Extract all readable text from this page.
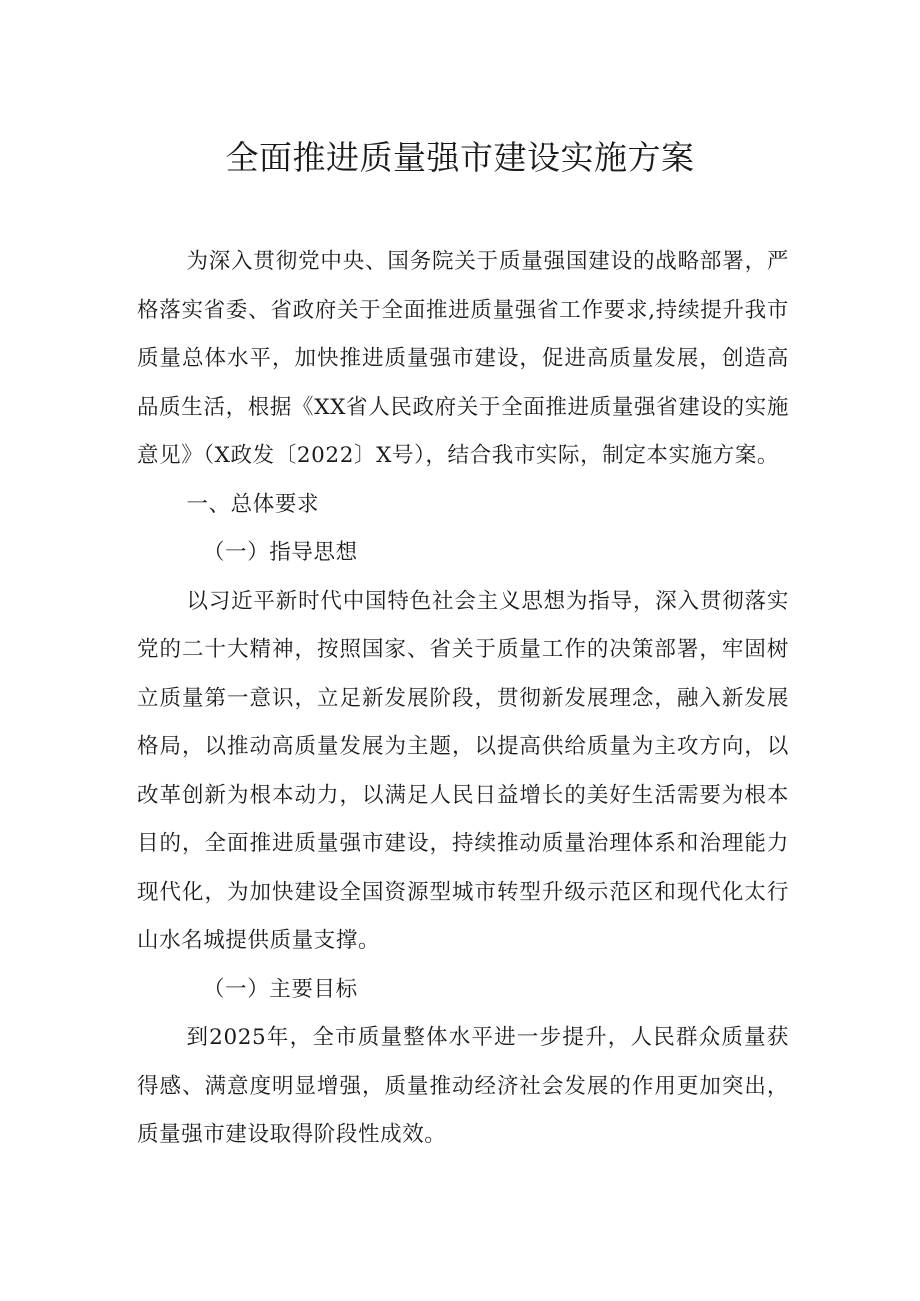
全面推进质量强市建设实施方案

为深入贯彻党中央、国务院关于质量强国建设的战略部署，严格落实省委、省政府关于全面推进质量强省工作要求,持续提升我市质量总体水平，加快推进质量强市建设，促进高质量发展，创造高品质生活，根据《XX省人民政府关于全面推进质量强省建设的实施意见》（X政发〔2022〕X号），结合我市实际，制定本实施方案。

一、总体要求

（一）指导思想

以习近平新时代中国特色社会主义思想为指导，深入贯彻落实党的二十大精神，按照国家、省关于质量工作的决策部署，牢固树立质量第一意识，立足新发展阶段，贯彻新发展理念，融入新发展格局，以推动高质量发展为主题，以提高供给质量为主攻方向，以改革创新为根本动力，以满足人民日益增长的美好生活需要为根本目的，全面推进质量强市建设，持续推动质量治理体系和治理能力现代化，为加快建设全国资源型城市转型升级示范区和现代化太行山水名城提供质量支撑。

（一）主要目标

到2025年，全市质量整体水平进一步提升，人民群众质量获得感、满意度明显增强，质量推动经济社会发展的作用更加突出，质量强市建设取得阶段性成效。
